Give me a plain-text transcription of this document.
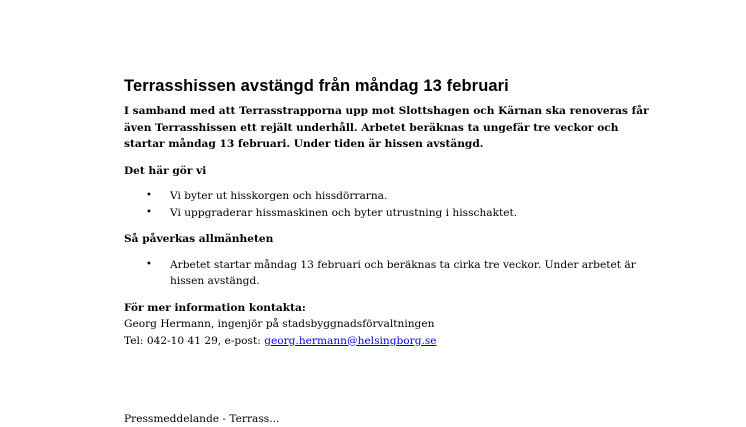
Terrasshissen avstängd från måndag 13 februari

I samband med att Terrasstrapporna upp mot Slottshagen och Kärnan ska renoveras får även Terrasshissen ett rejält underhåll. Arbetet beräknas ta ungefär tre veckor och startar måndag 13 februari. Under tiden är hissen avstängd.

Det här gör vi

• Vi byter ut hisskorgen och hissdörrarna.
• Vi uppgraderar hissmaskinen och byter utrustning i hisschaktet.

Så påverkas allmänheten

• Arbetet startar måndag 13 februari och beräknas ta cirka tre veckor. Under arbetet är hissen avstängd.
För mer information kontakta:
Georg Hermann, ingenjör på stadsbyggnadsförvaltningen
Tel: 042-10 41 29, e-post: georg.hermann@helsingborg.se
Pressmeddelande - Terrass...
